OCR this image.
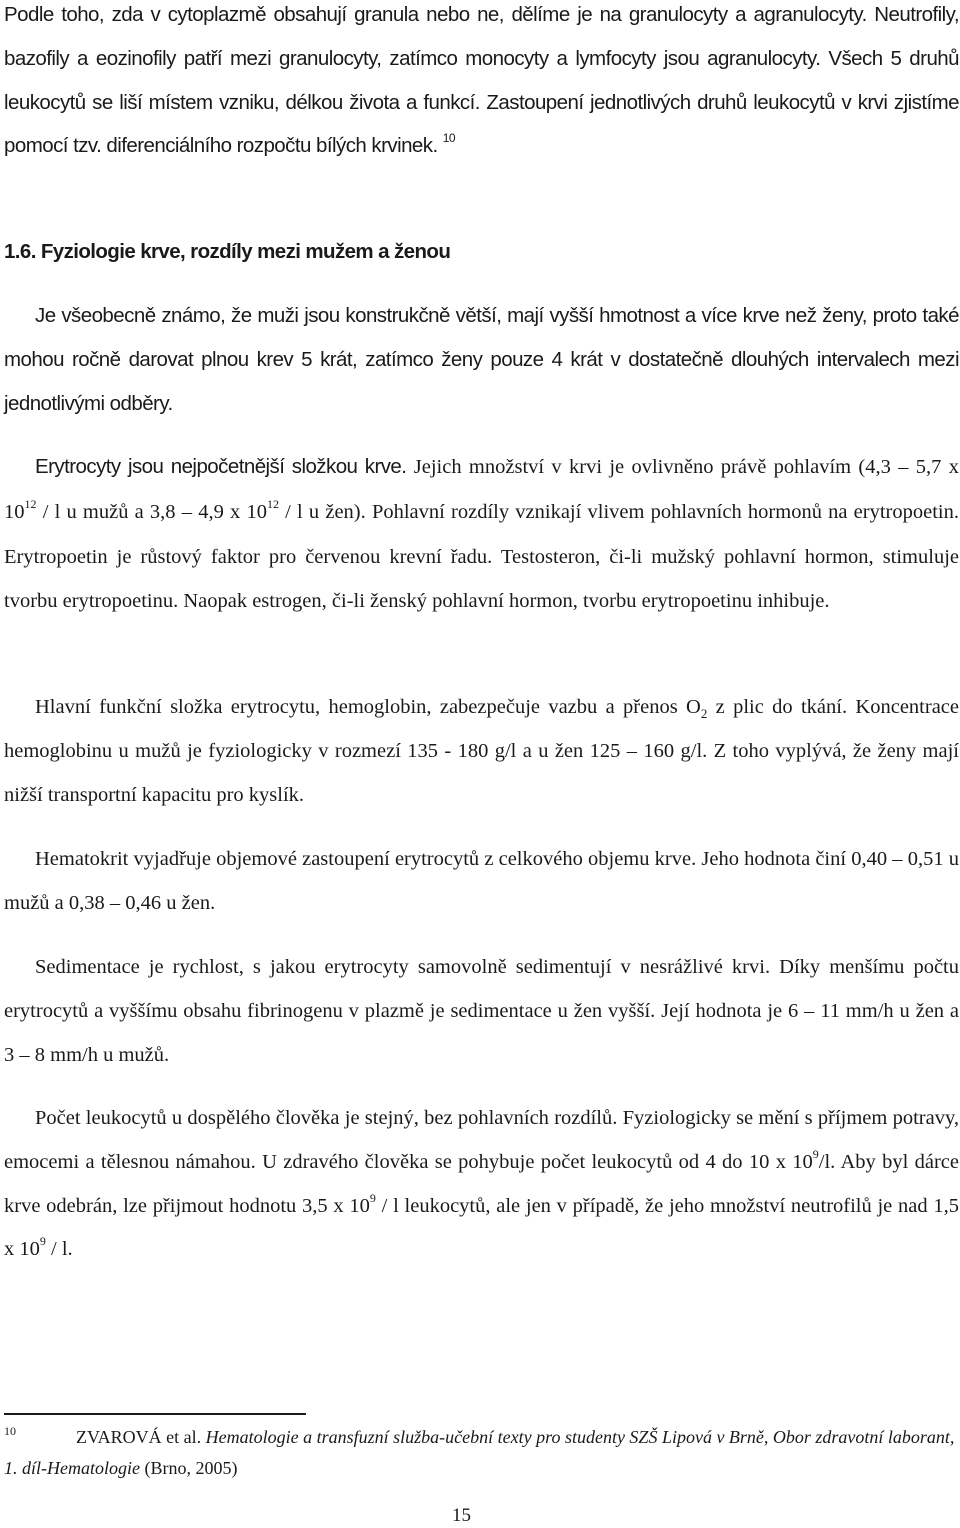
Podle toho, zda v cytoplazmě obsahují granula nebo ne, dělíme je na granulocyty a agranulocyty. Neutrofily, bazofily a eozinofily patří mezi granulocyty, zatímco monocyty a lymfocyty jsou agranulocyty. Všech 5 druhů leukocytů se liší místem vzniku, délkou života a funkcí. Zastoupení jednotlivých druhů leukocytů v krvi zjistíme pomocí tzv. diferenciálního rozpočtu bílých krvinek. $^{10}$

1.6. Fyziologie krve, rozdíly mezi mužem a ženou

Je všeobecně známo, že muži jsou konstrukčně větší, mají vyšší hmotnost a více krve než ženy, proto také mohou ročně darovat plnou krev 5 krát, zatímco ženy pouze 4 krát v dostatečně dlouhých intervalech mezi jednotlivými odběry.

Erytrocyty jsou nejpočetnější složkou krve. Jejich množství v krvi je ovlivněno právě pohlavím (4,3 – 5,7 x $10^{12}$ / l u mužů a 3,8 – 4,9 x $10^{12}$ / l u žen). Pohlavní rozdíly vznikají vlivem pohlavních hormonů na erytropoetin. Erytropoetin je růstový faktor pro červenou krevní řadu. Testosteron, či-li mužský pohlavní hormon, stimuluje tvorbu erytropoetinu. Naopak estrogen, či-li ženský pohlavní hormon, tvorbu erytropoetinu inhibuje.

Hlavní funkční složka erytrocytu, hemoglobin, zabezpečuje vazbu a přenos $O_2$ z plic do tkání. Koncentrace hemoglobinu u mužů je fyziologicky v rozmezí 135 - 180 g/l a u žen 125 – 160 g/l. Z toho vyplývá, že ženy mají nižší transportní kapacitu pro kyslík.

Hematokrit vyjadřuje objemové zastoupení erytrocytů z celkového objemu krve. Jeho hodnota činí 0,40 – 0,51 u mužů a 0,38 – 0,46 u žen.

Sedimentace je rychlost, s jakou erytrocyty samovolně sedimentují v nesrážlivé krvi. Díky menšímu počtu erytrocytů a vyššímu obsahu fibrinogenu v plazmě je sedimentace u žen vyšší. Její hodnota je 6 – 11 mm/h u žen a 3 – 8 mm/h u mužů.

Počet leukocytů u dospělého člověka je stejný, bez pohlavních rozdílů. Fyziologicky se mění s příjmem potravy, emocemi a tělesnou námahou. U zdravého člověka se pohybuje počet leukocytů od 4 do 10 x $10^9/l$. Aby byl dárce krve odebrán, lze přijmout hodnotu 3,5 x $10^9$ / l leukocytů, ale jen v případě, že jeho množství neutrofilů je nad 1,5 x $10^9$ / l.

$^{10}$	ZVAROVÁ et al. Hematologie a transfuzní služba-učební texty pro studenty SZŠ Lipová v Brně, Obor zdravotní laborant, 1. díl-Hematologie (Brno, 2005)

15
